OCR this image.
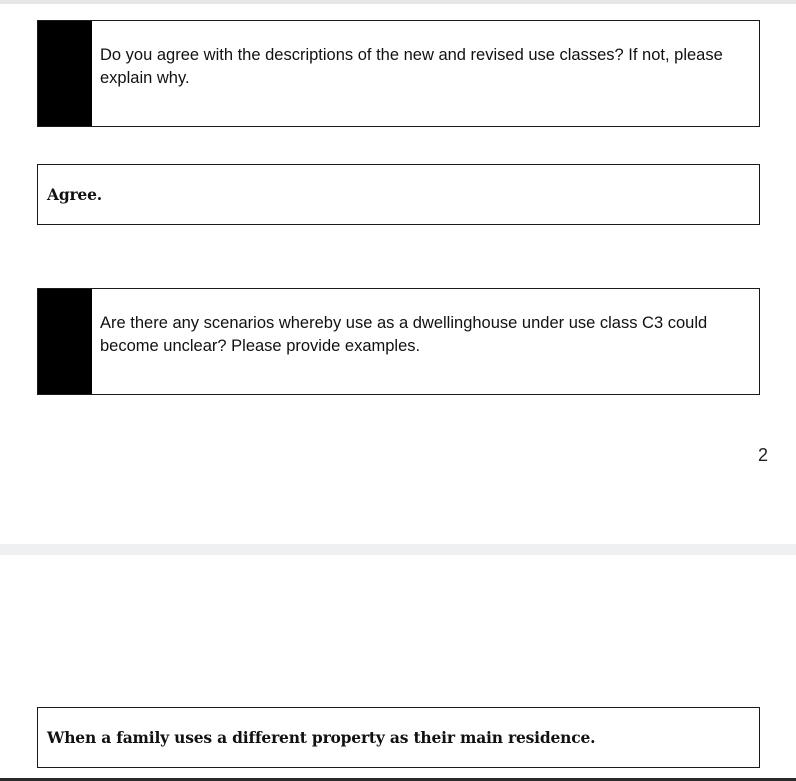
Do you agree with the descriptions of the new and revised use classes? If not, please explain why.
Agree.
Are there any scenarios whereby use as a dwellinghouse under use class C3 could become unclear? Please provide examples.
2
When a family uses a different property as their main residence.
